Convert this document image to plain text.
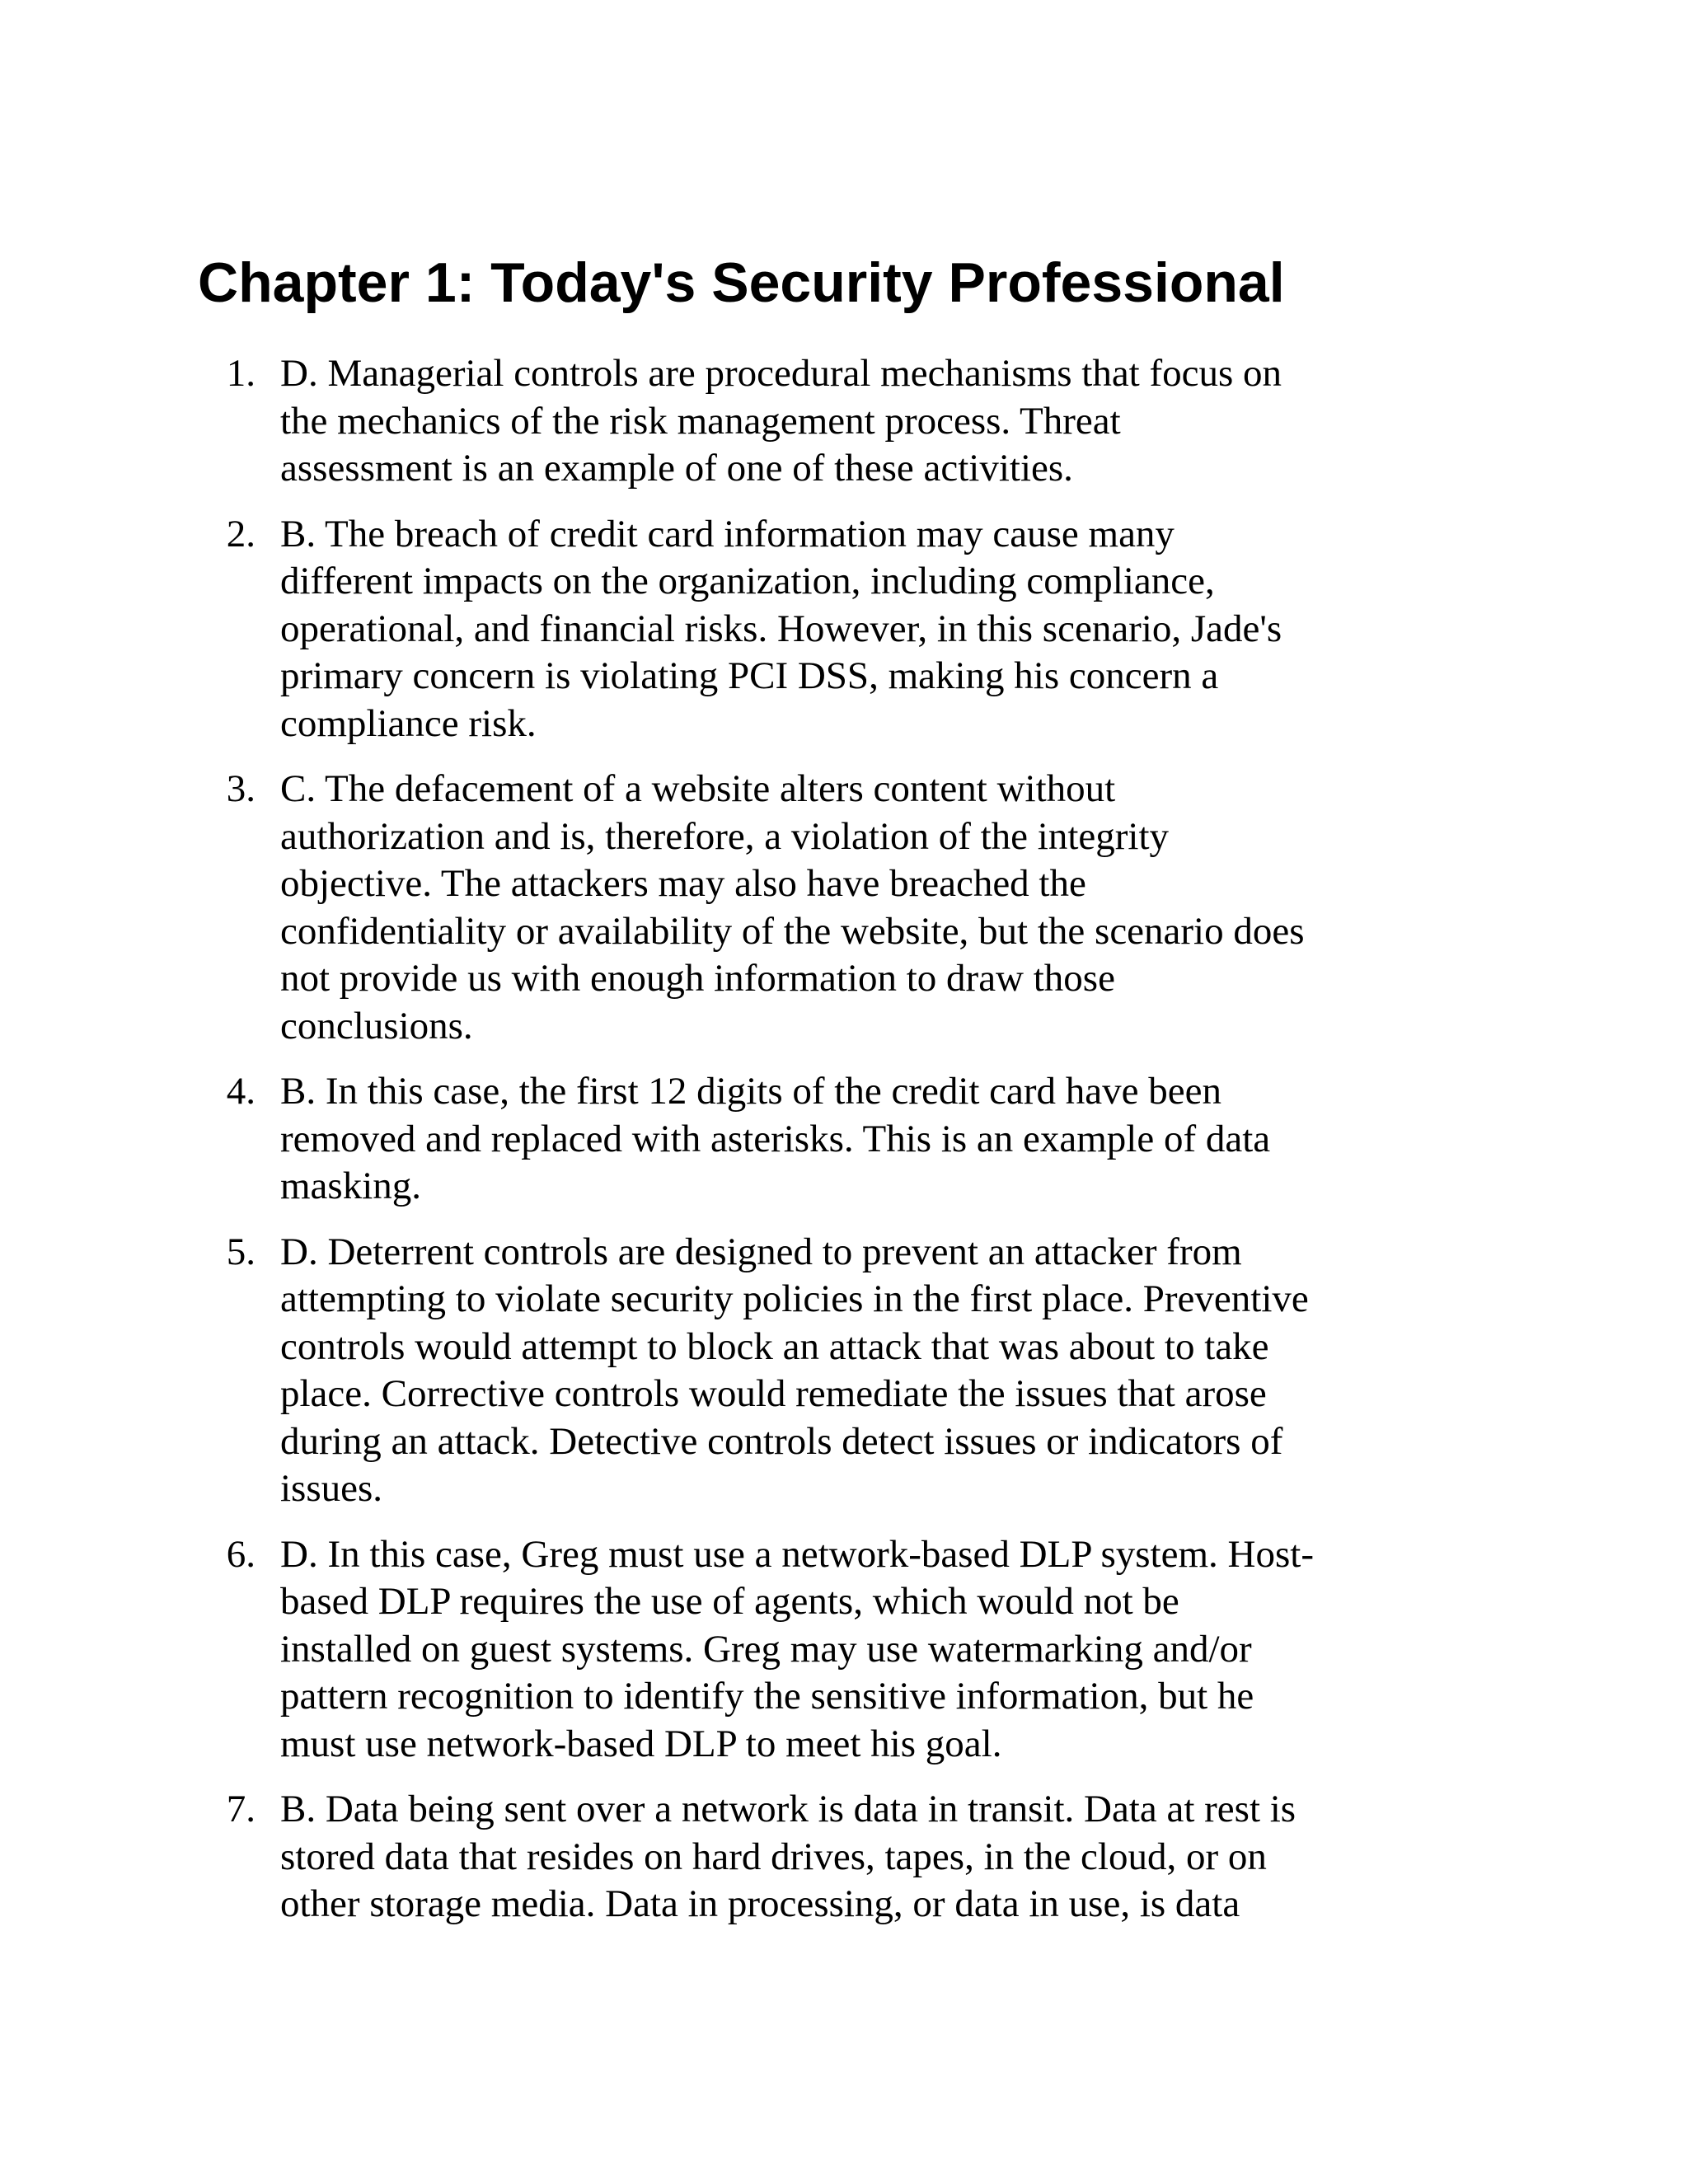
Chapter 1: Today's Security Professional
1. D. Managerial controls are procedural mechanisms that focus on
the mechanics of the risk management process. Threat
assessment is an example of one of these activities.
2. B. The breach of credit card information may cause many
different impacts on the organization, including compliance,
operational, and financial risks. However, in this scenario, Jade's
primary concern is violating PCI DSS, making his concern a
compliance risk.
3. C. The defacement of a website alters content without
authorization and is, therefore, a violation of the integrity
objective. The attackers may also have breached the
confidentiality or availability of the website, but the scenario does
not provide us with enough information to draw those
conclusions.
4. B. In this case, the first 12 digits of the credit card have been
removed and replaced with asterisks. This is an example of data
masking.
5. D. Deterrent controls are designed to prevent an attacker from
attempting to violate security policies in the first place. Preventive
controls would attempt to block an attack that was about to take
place. Corrective controls would remediate the issues that arose
during an attack. Detective controls detect issues or indicators of
issues.
6. D. In this case, Greg must use a network-based DLP system. Host-
based DLP requires the use of agents, which would not be
installed on guest systems. Greg may use watermarking and/or
pattern recognition to identify the sensitive information, but he
must use network-based DLP to meet his goal.
7. B. Data being sent over a network is data in transit. Data at rest is
stored data that resides on hard drives, tapes, in the cloud, or on
other storage media. Data in processing, or data in use, is data
